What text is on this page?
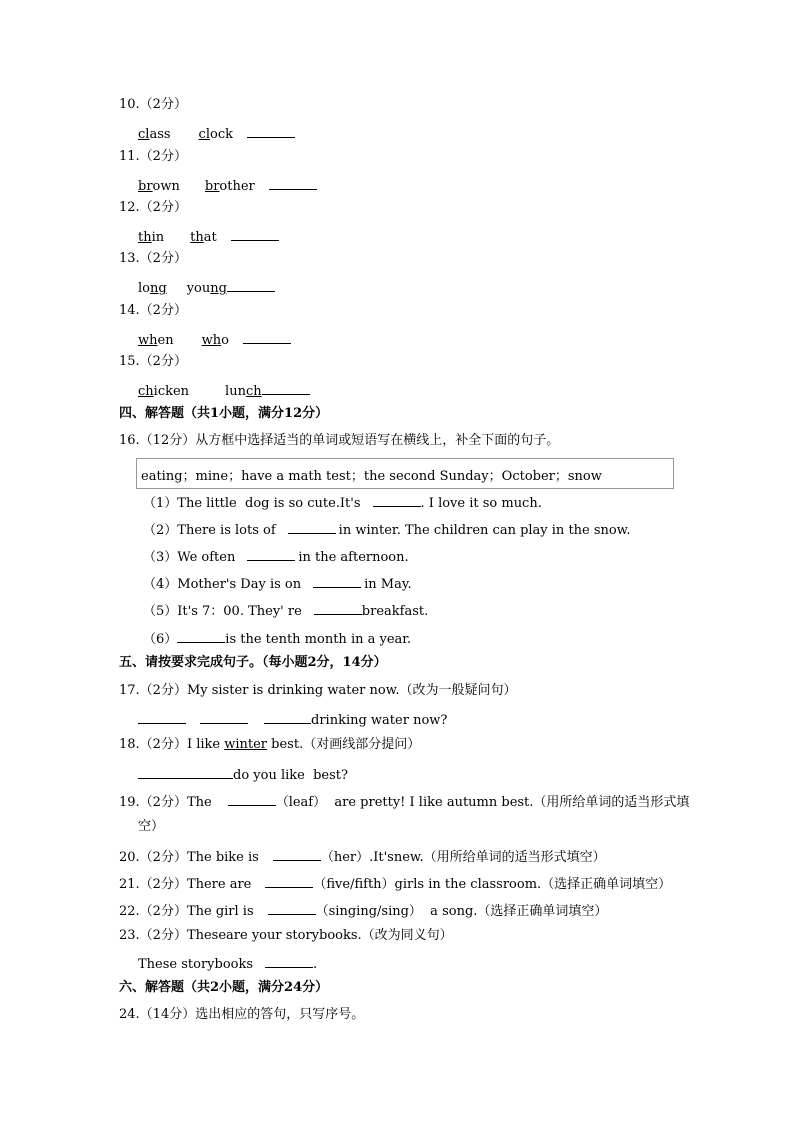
10.（2分）
class clock
11.（2分）
brown brother
12.（2分）
thin that
13.（2分）
long young
14.（2分）
when who
15.（2分）
chicken	lunch
四、解答题（共1小题，满分12分）
16.（12分）从方框中选择适当的单词或短语写在横线上，补全下面的句子。
eating；mine；have a math test；the second Sunday；October；snow
（1）The little  dog is so cute.It's	. I love it so much.
（2）There is lots of	in winter. The children can play in the snow.
（3）We often	in the afternoon.
（4）Mother's Day is on	in May.
（5）It's 7：00. They' re	breakfast.
（6）	is the tenth month in a year.
五、请按要求完成句子。（每小题2分，14分）
17.（2分）My sister is drinking water now.（改为一般疑问句）
drinking water now?
18.（2分）I like winter best.（对画线部分提问）
do you like  best?
19.（2分）The	（leaf）  are pretty! I like autumn best.（用所给单词的适当形式填
空）
20.（2分）The bike is	（her）.It'snew.（用所给单词的适当形式填空）
21.（2分）There are	（five/fifth）girls in the classroom.（选择正确单词填空）
22.（2分）The girl is	（singing/sing）  a song.（选择正确单词填空）
23.（2分）Theseare your storybooks.（改为同义句）
These storybooks	.
六、解答题（共2小题，满分24分）
24.（14分）选出相应的答句，只写序号。
